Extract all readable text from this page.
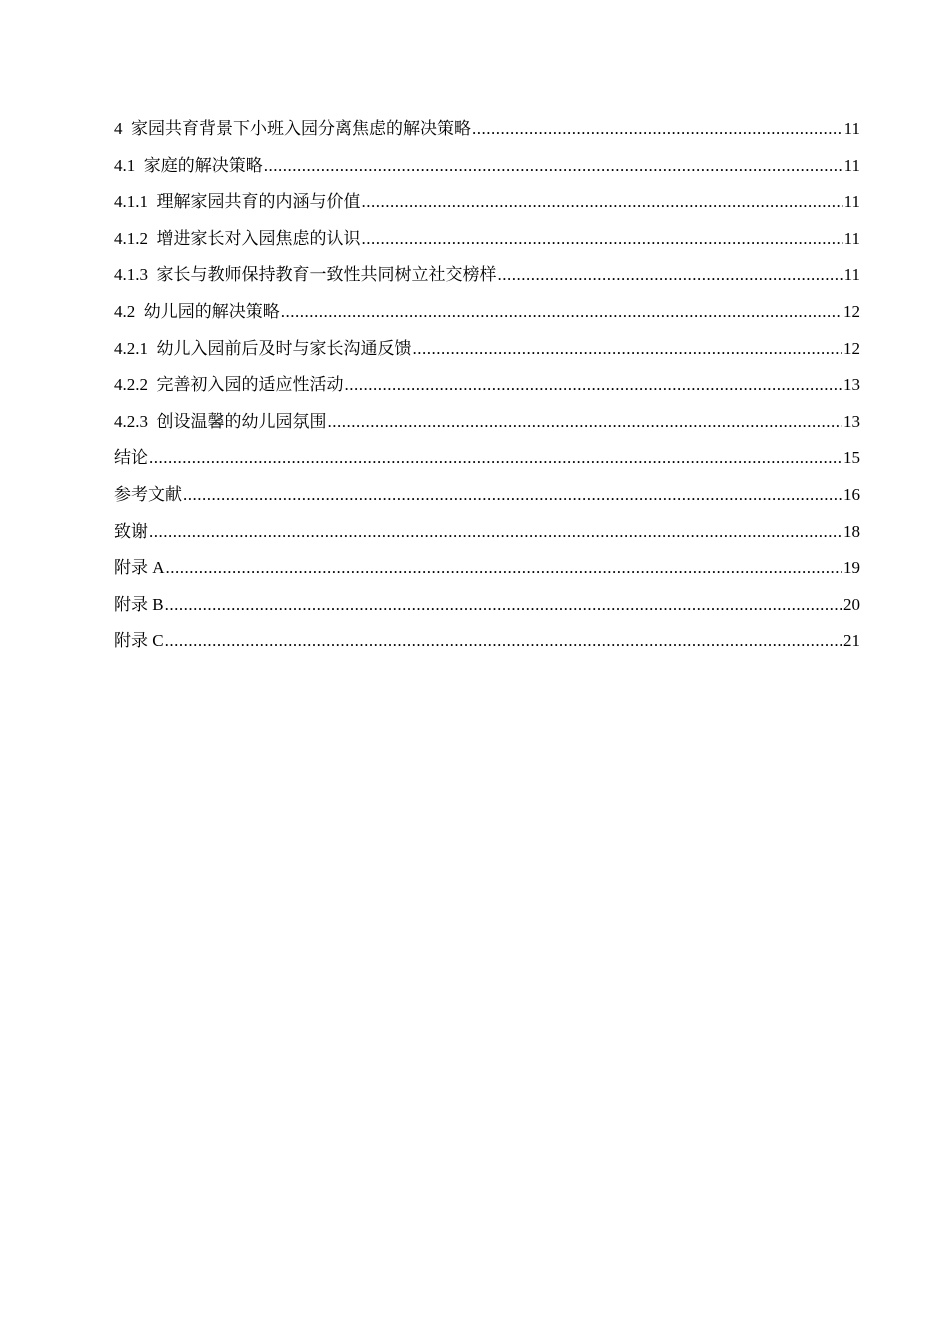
4  家园共育背景下小班入园分离焦虑的解决策略 .....	11
4.1  家庭的解决策略 .....	11
4.1.1  理解家园共育的内涵与价值 .....	11
4.1.2  增进家长对入园焦虑的认识 .....	11
4.1.3  家长与教师保持教育一致性共同树立社交榜样 .....	11
4.2  幼儿园的解决策略 .....	12
4.2.1  幼儿入园前后及时与家长沟通反馈 .....	12
4.2.2  完善初入园的适应性活动 .....	13
4.2.3  创设温馨的幼儿园氛围 .....	13
结论 .....	15
参考文献 .....	16
致谢 .....	18
附录 A .....	19
附录 B .....	20
附录 C .....	21
